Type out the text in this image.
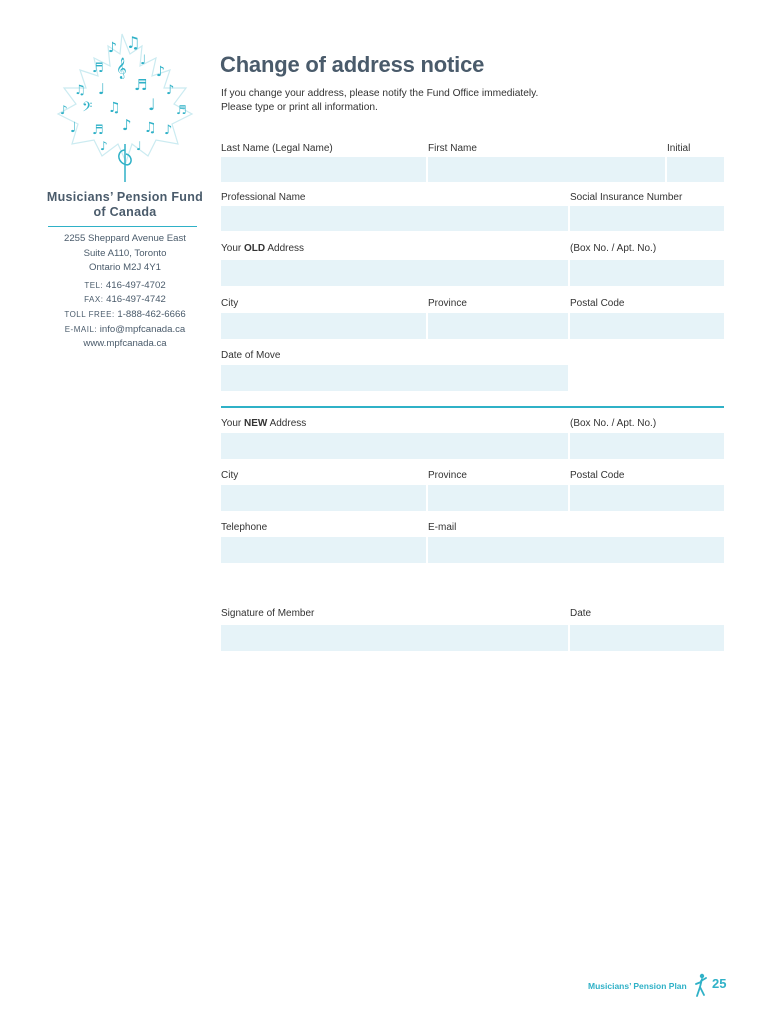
♪ ♫
♩
♬	♪
𝄞
♫ ♩ ♬ ♪
♪ 𝄢 ♫ ♩ ♬
♩ ♬ ♪ ♫ ♪
♪ ♩
Musicians’ Pension Fund
of Canada
2255 Sheppard Avenue East
Suite A110, Toronto
Ontario M2J 4Y1
TEL: 416-497-4702
FAX: 416-497-4742
TOLL FREE: 1-888-462-6666
E-MAIL: info@mpfcanada.ca
www.mpfcanada.ca
Change of address notice
If you change your address, please notify the Fund Office immediately.
Please type or print all information.
Last Name (Legal Name)	First Name	Initial
Professional Name	Social Insurance Number
Your OLD Address	(Box No. / Apt. No.)
City	Province	Postal Code
Date of Move
Your NEW Address	(Box No. / Apt. No.)
City	Province	Postal Code
Telephone	E-mail
Signature of Member	Date
Musicians’ Pension Plan 25
